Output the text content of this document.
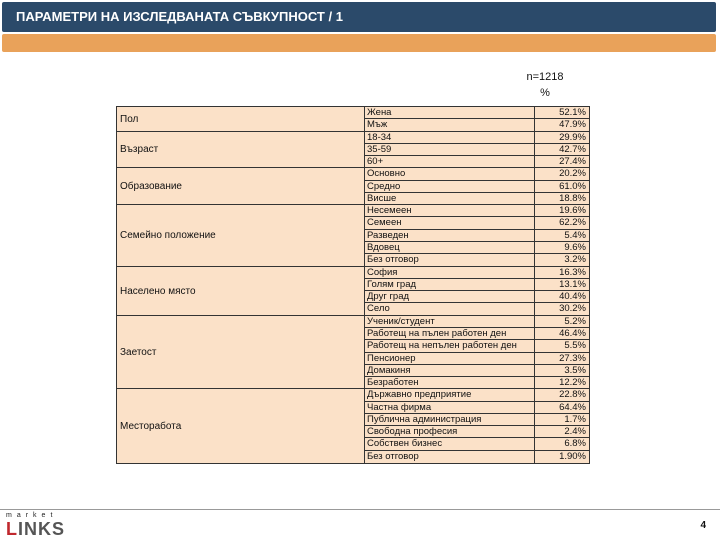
ПАРАМЕТРИ НА ИЗСЛЕДВАНАТА СЪВКУПНОСТ / 1
n=1218
%
Пол
Жена	52.1%
Мъж	47.9%
Възраст
18-34	29.9%
35-59	42.7%
60+	27.4%
Образование
Основно	20.2%
Средно	61.0%
Висше	18.8%
Семейно положение
Несемеен	19.6%
Семеен	62.2%
Разведен	5.4%
Вдовец	9.6%
Без отговор	3.2%
Населено място
София	16.3%
Голям град	13.1%
Друг град	40.4%
Село	30.2%
Заетост
Ученик/студент	5.2%
Работещ на пълен работен ден	46.4%
Работещ на непълен работен ден	5.5%
Пенсионер	27.3%
Домакиня	3.5%
Безработен	12.2%
Месторабота
Държавно предприятие	22.8%
Частна фирма	64.4%
Публична администрация	1.7%
Свободна професия	2.4%
Собствен бизнес	6.8%
Без отговор	1.90%
market
LINKS	4
